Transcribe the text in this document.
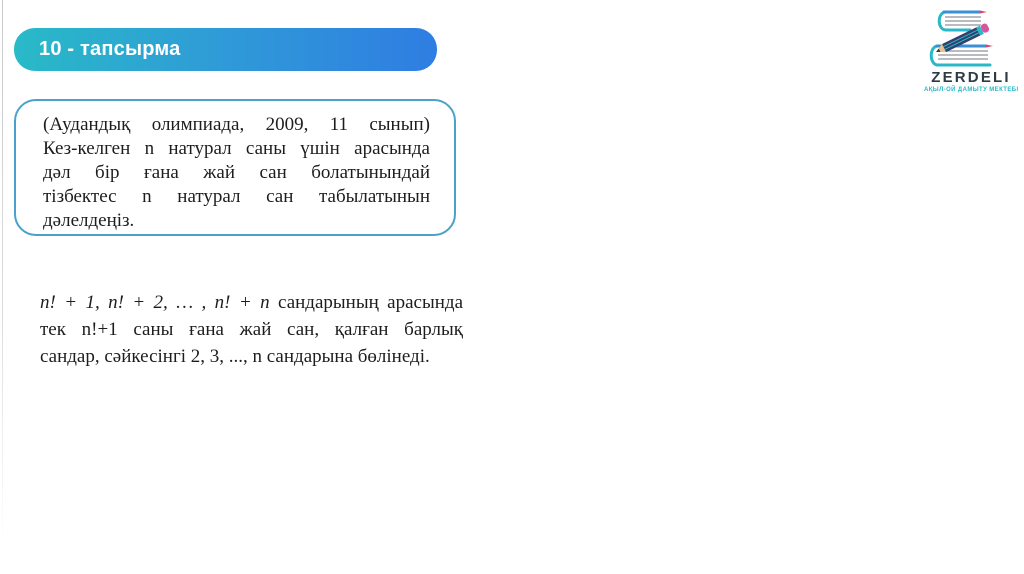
10 - тапсырма
(Аудандық олимпиада, 2009, 11 сынып)
Кез-келген n натурал саны үшін арасында
дәл бір ғана жай сан болатынындай
тізбектес n натурал сан табылатынын
дәлелдеңіз.
n! + 1, n! + 2, … , n! + n сандарының арасында
тек n!+1 саны ғана жай сан, қалған барлық
сандар, сәйкесінгі 2, 3, ..., n сандарына бөлінеді.
ZERDELI
АҚЫЛ-ОЙ ДАМЫТУ МЕКТЕБІ
